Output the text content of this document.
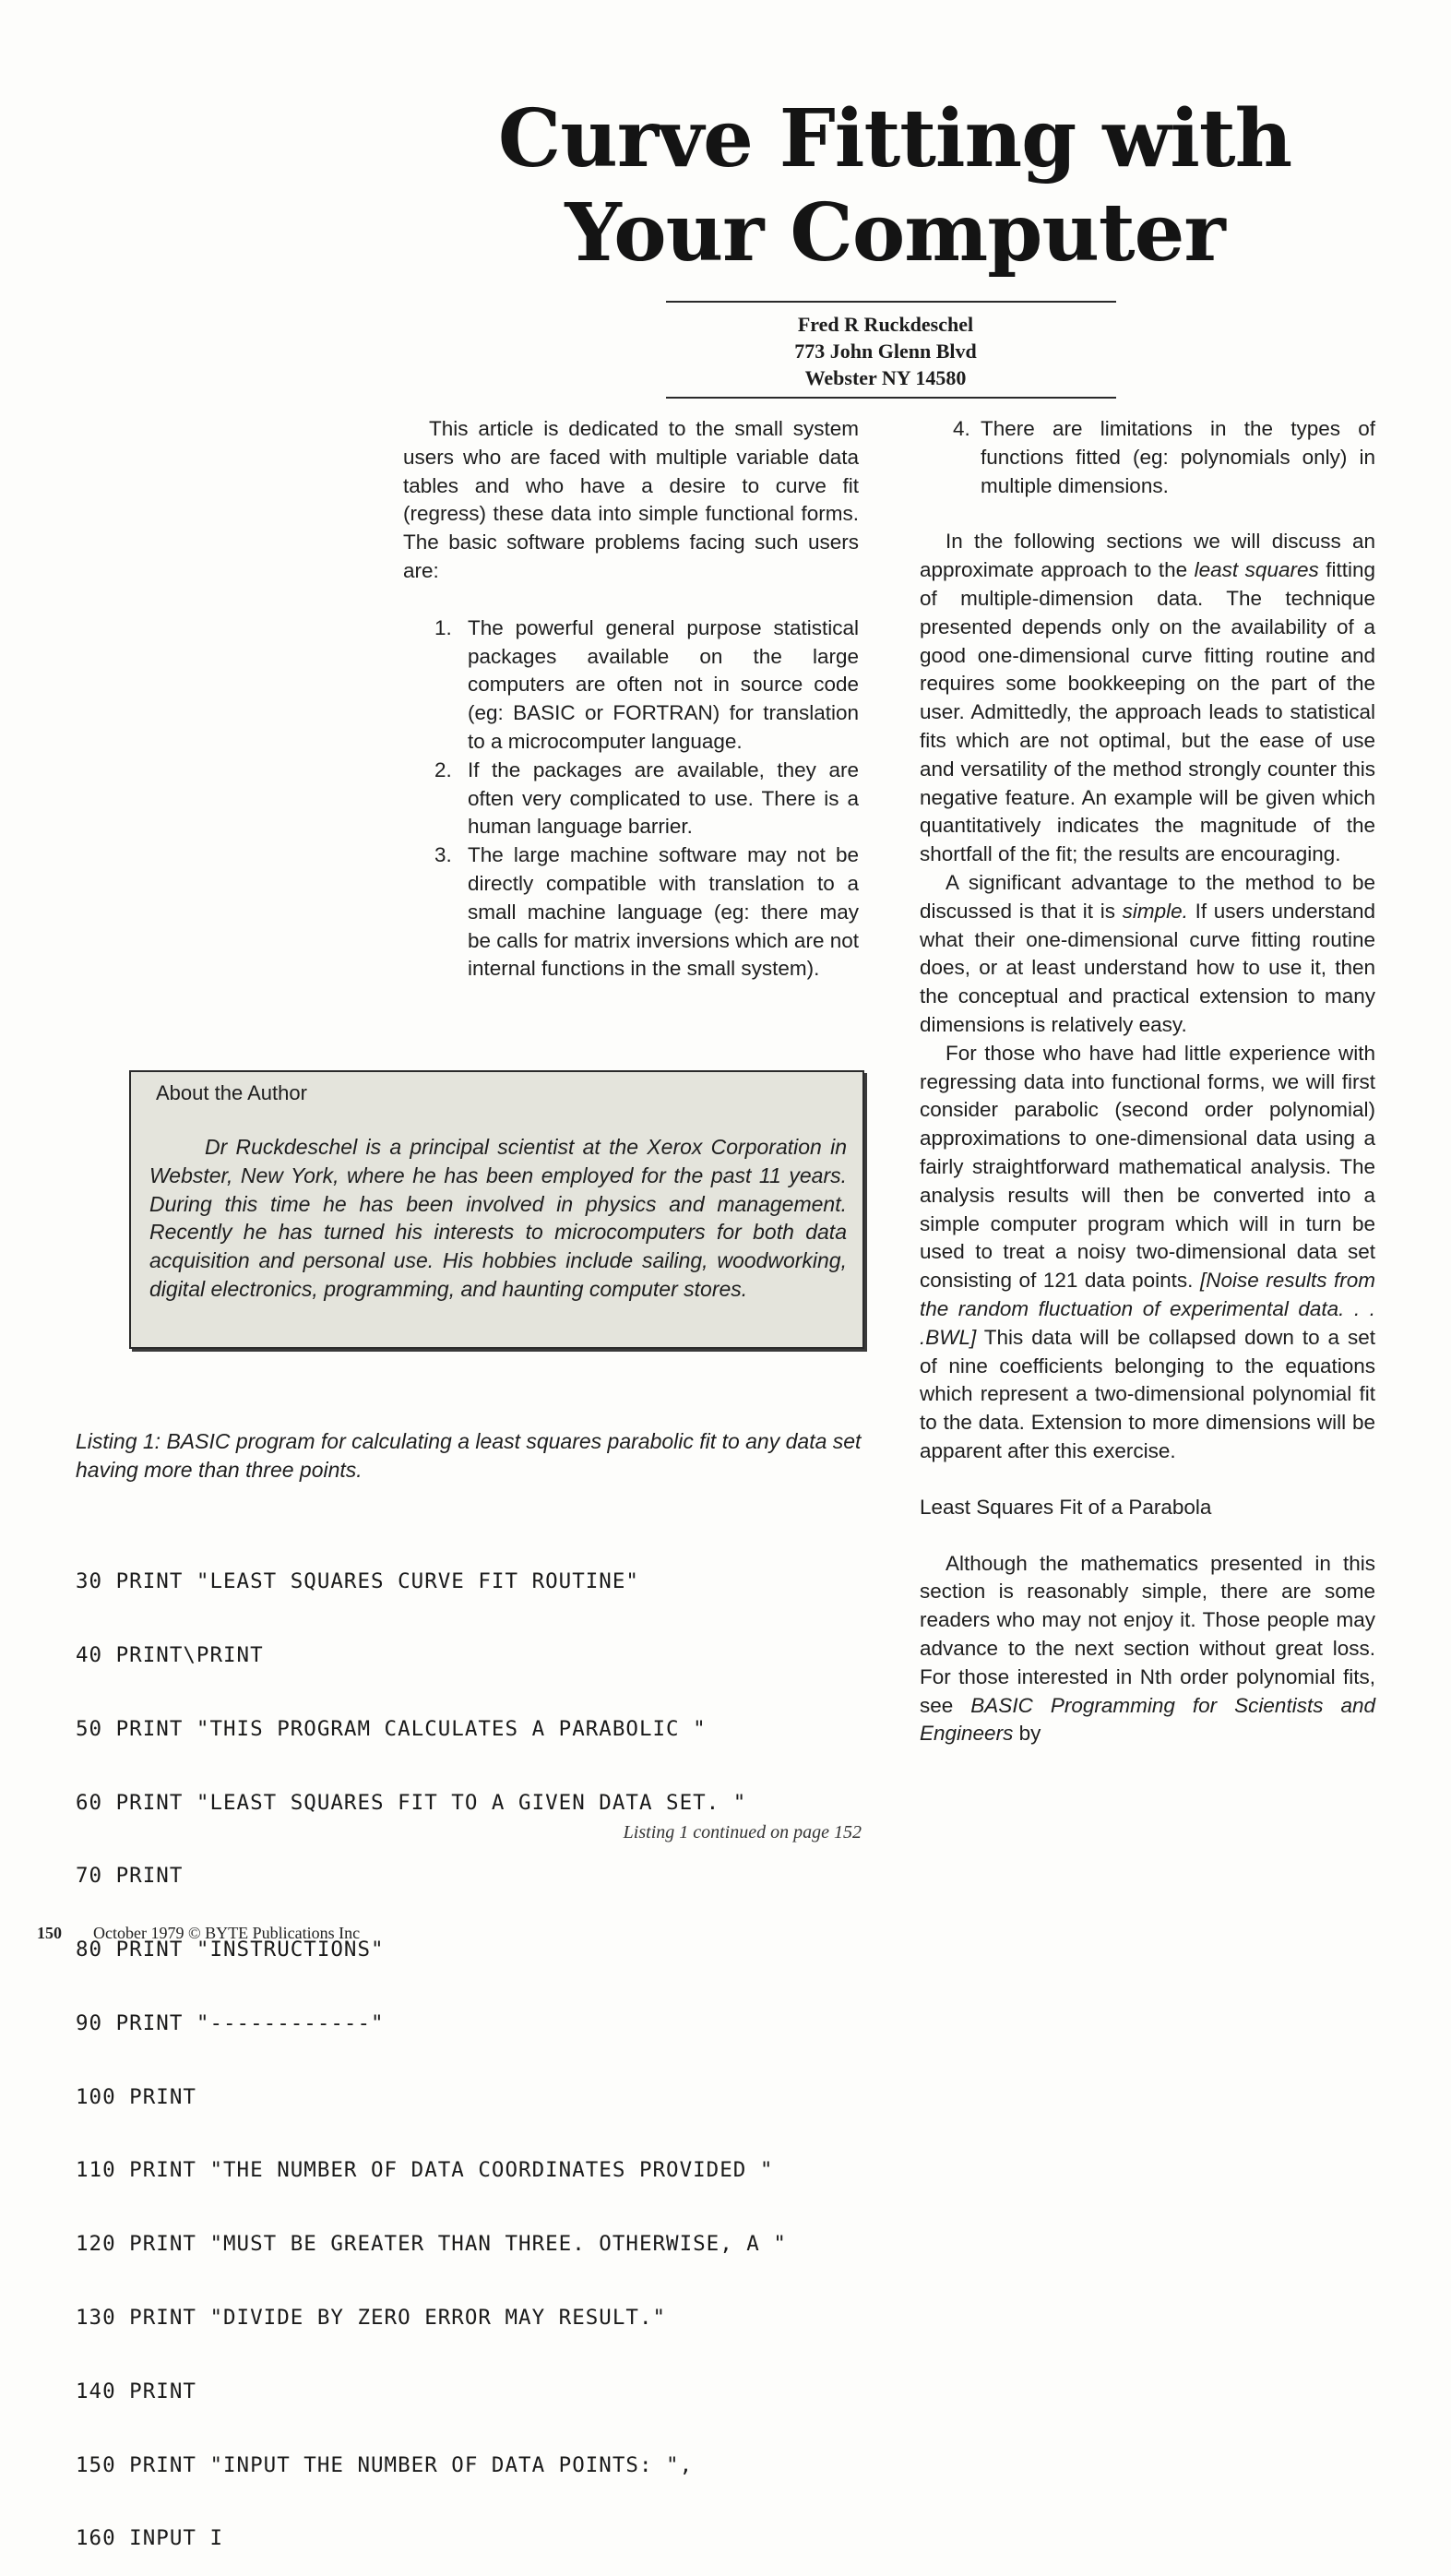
Curve Fitting with
Your Computer
Fred R Ruckdeschel
773 John Glenn Blvd
Webster NY 14580

This article is dedicated to the small system users who are faced with multiple variable data tables and who have a desire to curve fit (regress) these data into simple functional forms. The basic software problems facing such users are:

1. The powerful general purpose statistical packages available on the large computers are often not in source code (eg: BASIC or FORTRAN) for translation to a microcomputer language.
2. If the packages are available, they are often very complicated to use. There is a human language barrier.
3. The large machine software may not be directly compatible with translation to a small machine language (eg: there may be calls for matrix inversions which are not internal functions in the small system).
About the Author
Dr Ruckdeschel is a principal scientist at the Xerox Corporation in Webster, New York, where he has been employed for the past 11 years. During this time he has been involved in physics and management. Recently he has turned his interests to microcomputers for both data acquisition and personal use. His hobbies include sailing, woodworking, digital electronics, programming, and haunting computer stores.
Listing 1: BASIC program for calculating a least squares parabolic fit to any data set having more than three points.

30 PRINT "LEAST SQUARES CURVE FIT ROUTINE"

40 PRINT\PRINT

50 PRINT "THIS PROGRAM CALCULATES A PARABOLIC "

60 PRINT "LEAST SQUARES FIT TO A GIVEN DATA SET. "

70 PRINT

80 PRINT "INSTRUCTIONS"

90 PRINT "------------"

100 PRINT

110 PRINT "THE NUMBER OF DATA COORDINATES PROVIDED "

120 PRINT "MUST BE GREATER THAN THREE. OTHERWISE, A "

130 PRINT "DIVIDE BY ZERO ERROR MAY RESULT."

140 PRINT

150 PRINT "INPUT THE NUMBER OF DATA POINTS: ",

160 INPUT I

Listing 1 continued on page 152
4. There are limitations in the types of functions fitted (eg: polynomials only) in multiple dimensions.

In the following sections we will discuss an approximate approach to the least squares fitting of multiple-dimension data. The technique presented depends only on the availability of a good one-dimensional curve fitting routine and requires some bookkeeping on the part of the user. Admittedly, the approach leads to statistical fits which are not optimal, but the ease of use and versatility of the method strongly counter this negative feature. An example will be given which quantitatively indicates the magnitude of the shortfall of the fit; the results are encouraging.

A significant advantage to the method to be discussed is that it is simple. If users understand what their one-dimensional curve fitting routine does, or at least understand how to use it, then the conceptual and practical extension to many dimensions is relatively easy.

For those who have had little experience with regressing data into functional forms, we will first consider parabolic (second order polynomial) approximations to one-dimensional data using a fairly straightforward mathematical analysis. The analysis results will then be converted into a simple computer program which will in turn be used to treat a noisy two-dimensional data set consisting of 121 data points. [Noise results from the random fluctuation of experimental data. . . .BWL] This data will be collapsed down to a set of nine coefficients belonging to the equations which represent a two-dimensional polynomial fit to the data. Extension to more dimensions will be apparent after this exercise.

Least Squares Fit of a Parabola

Although the mathematics presented in this section is reasonably simple, there are some readers who may not enjoy it. Those people may advance to the next section without great loss. For those interested in Nth order polynomial fits, see BASIC Programming for Scientists and Engineers by

150 October 1979 © BYTE Publications Inc
